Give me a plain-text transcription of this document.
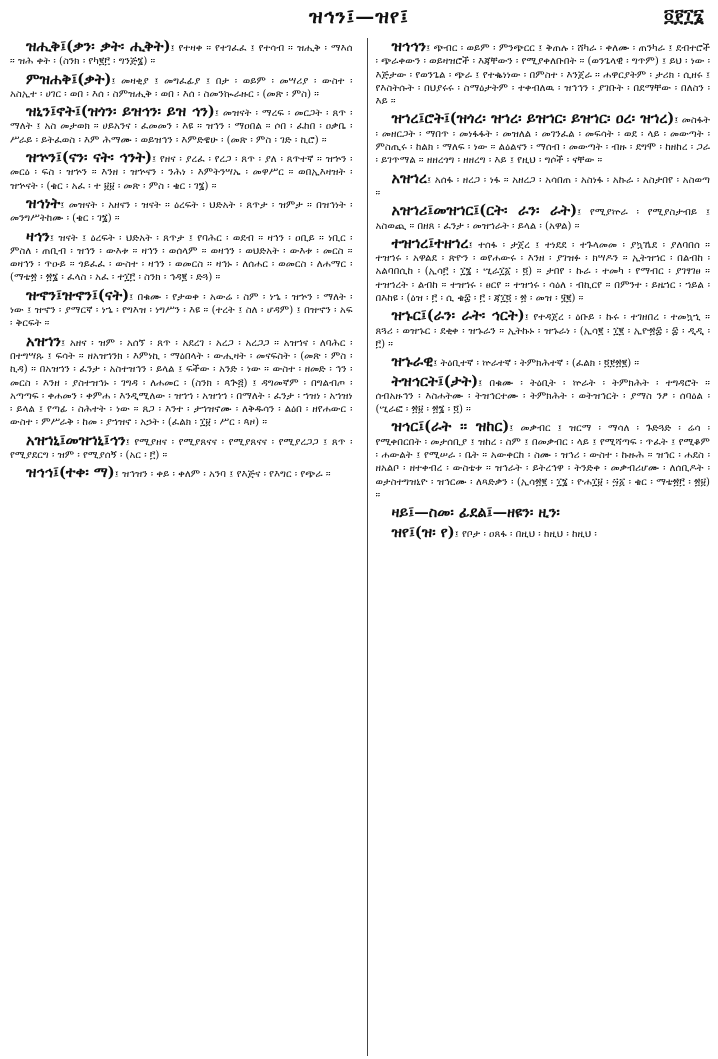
ዝኅን፤—ዝየ፤	፬፻፲፮

ዝሒቅ፤(ቃን፡ ቃት፡ ሒቅት)፤ የተዛቀ ። የተገፈፈ ፤ የተሳብ ። ዝሒቅ ፡ ማእሰ ። ዝሕ ቀት ፡ (ስንክ ፡ የካ፪፫ ፡ ግንጅ፮) ።

ምዝሐቅ፤(ቃት)፤ መዛቂያ ፤ መግፈፊያ ፤ በታ ፡ ወይም ፡ መሣሪያ ፡ ውስተ ፡ አስኢተ ፡ ሀገር ፡ ወበ ፡ እሰ ፡ ስምዝሒቅ ፡ ወበ ፡ እሰ ፡ ስመንኲራዙር ፡ (መጽ ፡ ምስ) ።

ዝኒን፤ኖት፤(ዝጎን፡ ይዝኅን፡ ይዝ ኅን)፤ መዝናት ፡ ማረፍ ፡ መርጋት ፡ ጸጥ ፡ ማለት ፤ አስ መታወክ ። ሀይአንና ፡ ፈመመን ፡ እዩ ። ዝኅን ፡ ማዐበል ። ሶበ ፡ ፈከበ ፡ ዐቃቤ ፡ ሥራይ ፡ ይትፈወስ ፡ እም ሕማሙ ፡ ወይዝኅን ፡ እምድዌሁ ፡ (መጽ ፡ ምስ ፡ ገድ ፡ ኪሮ) ።

ዝኍን፤(ናን፡ ናት፡ ኅንት)፤ የዘና ፡ ያረፈ ፡ የረጋ ፡ ጸጥ ፡ ያለ ፡ ጸጥተኛ ። ዝኍን ፡ መርዕ ፡ ፍስ ፡ ዝኍን ። እንዘ ፡ ዝኍናን ፡ ንሕነ ፡ እምትንሣኤ ፡ መዋሥር ። ወበኢእዛዝት ፡ ዝኍናት ፡ (ቄር ፡ አፈ ፡ ተ ፱፱ ፡ መጽ ፡ ምስ ፡ ቄር ፡ ገ፮) ።

ዝኅነት፤ መዝናት ፡ አዘናን ፡ ዝናት ። ዕረፍት ፡ ህድአት ፡ ጸጥታ ፡ ዝምታ ። በዝኅነት ፡ መንግሥትከሙ ፡ (ቄር ፡ ገ፮) ።

ዛኅን፤ ዝናት ፤ ዕረፍት ፡ ህድአት ፡ ጸጥታ ፤ የባሕር ፡ ወደብ ። ዛኅን ፡ ዐቢይ ። ነቢር ፡ ምስለ ፡ ጠቢብ ፡ ዝኅን ፡ ውእቱ ። ዛኅን ፡ ወሰላም ። ወዛኅን ፡ ወህድአት ፡ ውእቱ ፡ መርስ ። ወዛኅን ፡ ጥዑይ ። ጎይፈፈ ፡ ውስተ ፡ ዛኅን ፡ ወመርስ ። ዛኅኑ ፡ ለሰሐር ፡ ወመርስ ፡ ለሐማር ፡ (ማቴ፳ ፡ ፳፮ ፡ ፈላስ ፡ አፈ ፡ ተ፲፫ ፡ ስንክ ፡ ኅዳ፪ ፡ ድጓ) ።

ዝኆን፤ዝኆን፤(ናት)፤ በቁሙ ፡ የታወቀ ፡ አውሬ ፡ ስም ፡ ነኄ ፡ ዝኍን ፡ ማለት ፡ ነው ፤ ዝኆን ፡ ያማርኛ ፡ ነኄ ፡ የግእዝ ፡ ነግሥን ፡ እዩ ። (ተረት ፤ ስለ ፡ ሆዳም) ፤ በዝኆን ፡ አፍ ፡ ቅርፍት ።

አዝኀን፤ አዘና ፡ ዝም ፡ አሰኘ ፡ ጸጥ ፡ አደረገ ፡ አረጋ ፡ አረጋጋ ። አዝኀና ፡ ለባሕር ፡ በተግሣጹ ፤ ፍሳት ። ዘአዝኀንክ ፡ እምነኪ ፡ ማዕበላት ፡ ውሒዛት ፡ መናፍስት ፡ (መጽ ፡ ምስ ፡ ኪዳ) ። በአዝኀን ፡ ፈንታ ፡ አስተዝኅን ፡ ይላል ፤ ፍችው ፡ አንድ ፡ ነው ። ውስተ ፡ ዘመድ ፡ ኅን ፡ መርስ ፡ እንዘ ፡ ያስተዝኅኑ ፡ ገግዳ ፡ ለሐመር ፡ (ስንክ ፡ ጳጕ፭) ፤ ዳግመኛም ፡ በግልብጦ ፡ አጣጣፍ ፡ ቀሐመን ፡ ቀምሐ ፡ እንዲሚለው ፡ ዝኀኀ ፡ አዝኀኀ ፡ በማለት ፡ ፈንታ ፡ ኀዝነ ፡ አኀዝነ ፡ ይላል ፤ የጣፊ ፡ ስሕተት ፡ ነው ። ጸጋ ፡ እንተ ፡ ታኀዝኖሙ ፡ ለቅዱሳን ፡ ልዕበ ፡ ዘየሐውር ፡ ውስተ ፡ ምሥራቅ ፡ ከመ ፡ ያኀዝኖ ፡ አኃት ፡ (ፈልክ ፡ ፲፱ ፡ ሥር ፡ ጳዞ) ።

አዝኀኒ፤መዝኀኒ፤ኅን፤ የሚያዘና ፡ የሚያጸናና ፡ የሚያጸናና ፡ የሚያረጋጋ ፤ ጸጥ ፡ የሚያደርግ ፡ ዝም ፡ የሚያሰኝ ፡ (አር ፡ ፫) ።

ዝኅኅ፤(ተቀ፡ ማ)፤ ዝኅዝን ፡ ቀይ ፡ ቀለም ፡ አንባ ፤ የእጅና ፡ የእግር ፡ የጭራ ።

ዝኅኅን፤ ጭብር ፡ ወይም ፡ ምንጭርር ፤ ቅጠሉ ፡ ሸካራ ፡ ቀለሙ ፡ ጠንካራ ፤ ደብተሮች ፡ ጭራቀውን ፡ ወይዛዝሮች ፡ እጃቸውን ፡ የሚያቀለቡበት ። (ወንጌላዊ ፡ ግጥም) ፤ ይህ ፡ ነው ፡ እጅታው ፡ የወንጌል ፡ ጭራ ፤ የተቈነነው ፡ በምስተ ፡ እንጀራ ። ሐዋርያትም ፡ ታሪክ ፡ ሲዘሩ ፤ የእስትሱት ፡ በህያሩሩ ፡ ስማዕታትም ፡ ተቀብለዉ ፡ ዝኅኅን ፡ ያገቡት ፡ በደማቸው ፡ በለስን ፡ እይ ።

ዝኀረ፤ሮት፤(ዝጎረ፡ ዝኀረ፡ ይዝኀር፡ ይዝኀር፡ ዐረ፡ ዝኀረ)፤ መስፋት ፡ መዘርጋት ፡ ማበጥ ፡ መነፋፋት ፡ መዝለል ፡ መገንፈል ፡ መፍሳት ፡ ወደ ፡ ላይ ፡ መውጣት ፡ ምስጢሩ ፡ ከልክ ፡ ማለፍ ፡ ነው ። ልዕልናን ፡ ማሰብ ፡ መውጣት ፡ ብዙ ፡ ደግሞ ፡ ከዘከረ ፡ ጋራ ፡ ይገጥማል ። ዘዘረጎግ ፡ ዘዘረግ ፡ እይ ፤ የዚህ ፡ ግሶች ፡ ናቸው ።

አዝኀረ፤ አሰፋ ፡ ዘረጋ ፡ ነፋ ። አዘረጋ ፡ አሳበጠ ፡ አስነፋ ፡ አኩራ ፡ አስታበየ ፡ አስወጣ ።

አዝኀሪ፤መዝኀር፤(ርት፡ ራን፡ ራት)፤ የሚያኵራ ፡ የሚያስታብይ ፤ አስወጪ ። በዘጸ ፡ ፈንታ ፡ መዝኀራት ፡ ይላል ፡ (አዋል) ።

ተዝኀረ፤ተዘኀረ፤ ተሰፋ ፡ ታጀረ ፤ ተነደደ ፡ ተጉላመመ ፡ ያኳኼደ ፡ ያለባበሰ ። ተዝኀሩ ፡ አዋልደ ፡ ጽዮን ፡ ወየሐውሩ ፡ እንዘ ፡ ያገዝፉ ፡ ክሣዶን ። ኢትዝኀር ፡ በልብከ ፡ አልባበሲከ ፡ (ኢሳ፫ ፡ ፲፮ ፡ ሢራ፲፩ ፡ ፬) ። ታበየ ፡ ኩራ ፡ ተመካ ፡ የማብር ፡ ያገፃገፀ ። ተዝኀረት ፡ ልብከ ። ተዝኀሩ ፡ ፀርየ ። ተዝኀሩ ፡ ሳዕለ ፡ ብኪርየ ። በምንተ ፡ ይዜኀር ፡ ኀይል ፡ በእከዩ ፡ (ዕዝ ፡ ፫ ፡ ሲ ቄ፰ ፡ ፫ ፡ ጃ፲፬ ፡ ፳ ፡ መዝ ፡ ፶፪) ።

ዝኁር፤(ራን፡ ራት፡ ኅርት)፤ የተዳጀረ ፡ ዕቡይ ፡ ኩሩ ፡ ተገዘበረ ፡ ተመኳኂ ። ጸጓሪ ፡ ወዝኁር ፡ ደቂቀ ፡ ዝኁራን ። ኢትኩኑ ፡ ዝኁራነ ፡ (ኢሳ፪ ፡ ፲፪ ፡ ኢዮ፳፰ ፡ ፰ ፡ ዲዲ ፡ ፫) ።

ዝኁራዊ፤ ትዕቢተኛ ፡ ኵራተኛ ፡ ትምክሕተኛ ፡ (ፈልክ ፡ ፬፻፳፪) ።

ትዝኅርት፤(ታት)፤ በቁሙ ፡ ትዕቢት ፡ ኵራት ፡ ትምክሕት ፡ ተግዳሮት ። ሰብአዙኅን ፡ እስሐትሙ ፡ ትዝኅርተሙ ፡ ትምክሕት ፡ ወትዝኅርት ፡ ያማስ ንፆ ፡ ሰባዕል ፡ (ሢራፎ ፡ ፳፱ ፡ ፳፮ ፡ ፬) ።

ዝኅር፤(ራት ፡፡ ዝከር)፤ መቃብር ፤ ዝርማ ፡ ማሳለ ፡ ጉድጓድ ፡ ሬሳ ፡ የሚቀበርበት ፡ መታሰቢያ ፤ ዝከረ ፡ ስም ፤ በመቃብር ፡ ላይ ፤ የሚሻጣፍ ፡ ጥፈት ፤ የሚቆም ፡ ሐውልት ፤ የሚሠራ ፡ ቤት ። አውቀርከ ፡ ስሙ ፡ ዝኅሪ ፡ ውስተ ፡ ኩዙሕ ። ዝኅር ፡ ሐደስ ፡ ዘአልቦ ፡ ዘተቀብረ ፡ ውስቴቱ ። ዝኅራት ፡ ይትረኅዋ ፡ ትንድቀ ፡ መቃብሪሆሙ ፡ ለሰቢዶት ፡ ወታስተግዝኒዮ ፡ ዝኅርሙ ፡ ለጻድቃን ፡ (ኢሳ፳፪ ፡ ፲፮ ፡ ዮሐ፲፱ ፡ ፵፩ ፡ ቄር ፡ ማቴ፳፫ ፡ ፳፱) ።

ዛይ፤—ስመ፡ ፊደል፤—ዘዩን፡ ዚን፡

ዝየ፤(ዝ፡ የ)፤ የቦታ ፡ ዐጸፋ ፡ በዚህ ፡ ከዚህ ፡ ከዚህ ፡
